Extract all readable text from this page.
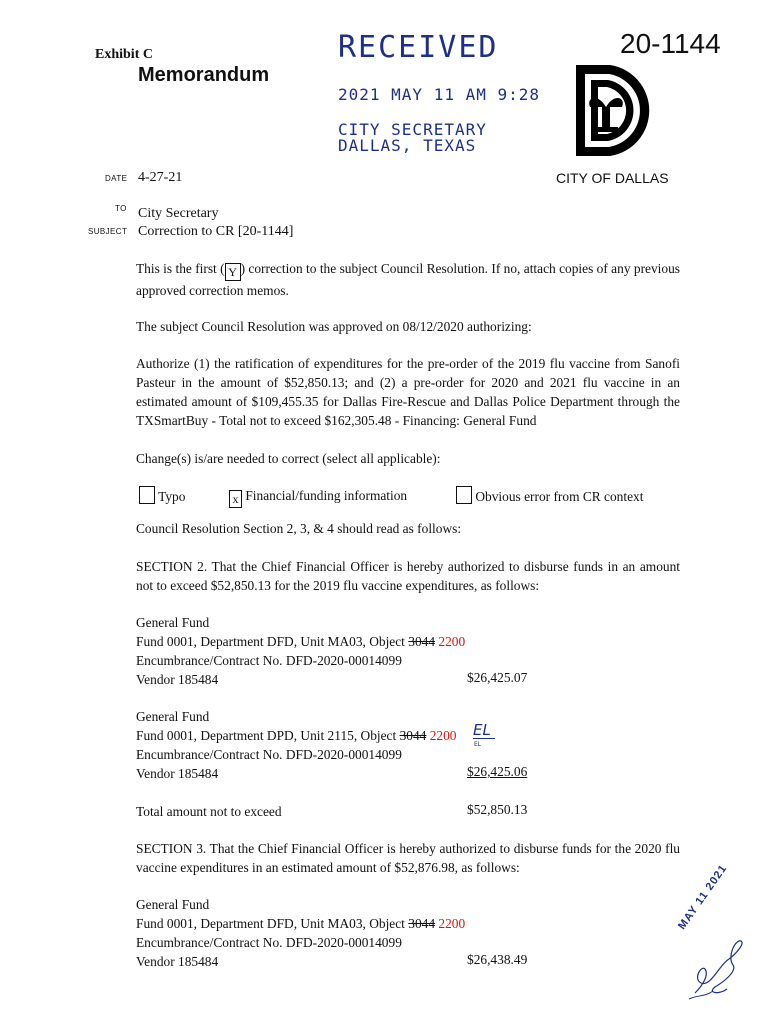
Exhibit C
Memorandum
20-1144
RECEIVED
2021 MAY 11 AM 9:28
CITY SECRETARY
DALLAS, TEXAS
CITY OF DALLAS
DATE 4-27-21
TO City Secretary
SUBJECT Correction to CR [20-1144]
This is the first ( Y ) correction to the subject Council Resolution. If no, attach copies of any previous approved correction memos.
The subject Council Resolution was approved on 08/12/2020 authorizing:
Authorize (1) the ratification of expenditures for the pre-order of the 2019 flu vaccine from Sanofi Pasteur in the amount of $52,850.13; and (2) a pre-order for 2020 and 2021 flu vaccine in an estimated amount of $109,455.35 for Dallas Fire-Rescue and Dallas Police Department through the TXSmartBuy - Total not to exceed $162,305.48 - Financing: General Fund
Change(s) is/are needed to correct (select all applicable):
Typo	x Financial/funding information	Obvious error from CR context
Council Resolution Section 2, 3, & 4 should read as follows:
SECTION 2. That the Chief Financial Officer is hereby authorized to disburse funds in an amount not to exceed $52,850.13 for the 2019 flu vaccine expenditures, as follows:
General Fund
Fund 0001, Department DFD, Unit MA03, Object 3044 2200
Encumbrance/Contract No. DFD-2020-00014099
Vendor 185484	$26,425.07
General Fund
Fund 0001, Department DPD, Unit 2115, Object 3044 2200 EL
EL
Encumbrance/Contract No. DFD-2020-00014099
Vendor 185484	$26,425.06
Total amount not to exceed	$52,850.13
SECTION 3. That the Chief Financial Officer is hereby authorized to disburse funds for the 2020 flu vaccine expenditures in an estimated amount of $52,876.98, as follows:
General Fund
Fund 0001, Department DFD, Unit MA03, Object 3044 2200
Encumbrance/Contract No. DFD-2020-00014099
Vendor 185484	$26,438.49
MAY 11 2021
